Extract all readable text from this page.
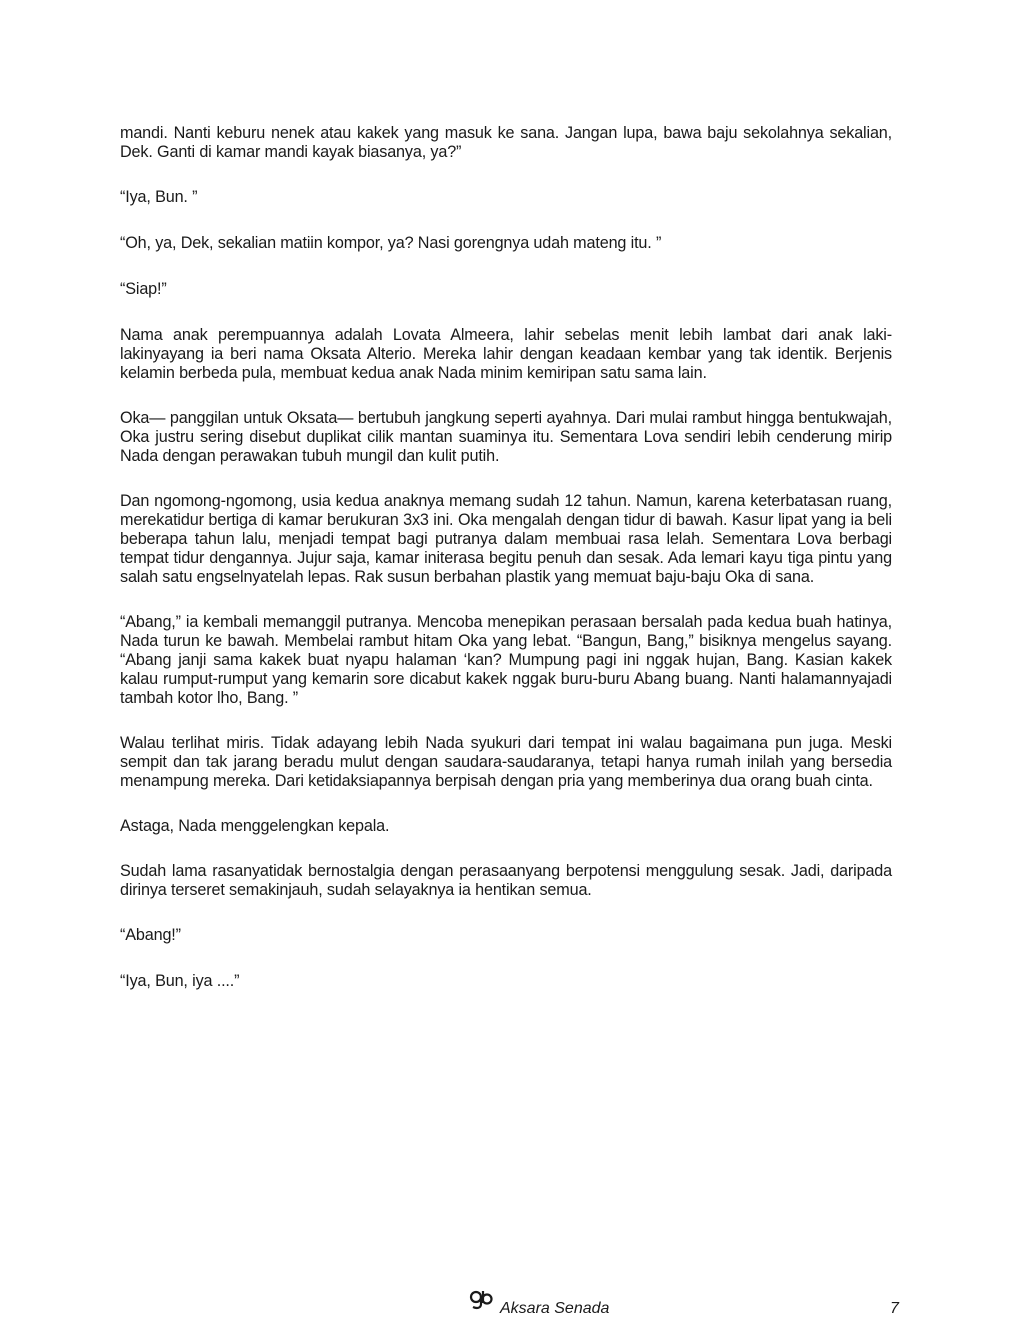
mandi. Nanti keburu nenek atau kakek yang masuk ke sana. Jangan lupa, bawa baju sekolahnya sekalian, Dek. Ganti di kamar mandi kayak biasanya, ya?”

“Iya, Bun. ”

“Oh, ya, Dek, sekalian matiin kompor, ya? Nasi gorengnya udah mateng itu. ”

“Siap!”

Nama anak perempuannya adalah Lovata Almeera, lahir sebelas menit lebih lambat dari anak laki-lakinyayang ia beri nama Oksata Alterio. Mereka lahir dengan keadaan kembar yang tak identik. Berjenis kelamin berbeda pula, membuat kedua anak Nada minim kemiripan satu sama lain.

Oka— panggilan untuk Oksata— bertubuh jangkung seperti ayahnya. Dari mulai rambut hingga bentukwajah, Oka justru sering disebut duplikat cilik mantan suaminya itu. Sementara Lova sendiri lebih cenderung mirip Nada dengan perawakan tubuh mungil dan kulit putih.

Dan ngomong-ngomong, usia kedua anaknya memang sudah 12 tahun. Namun, karena keterbatasan ruang, merekatidur bertiga di kamar berukuran 3x3 ini. Oka mengalah dengan tidur di bawah. Kasur lipat yang ia beli beberapa tahun lalu, menjadi tempat bagi putranya dalam membuai rasa lelah. Sementara Lova berbagi tempat tidur dengannya. Jujur saja, kamar initerasa begitu penuh dan sesak. Ada lemari kayu tiga pintu yang salah satu engselnyatelah lepas. Rak susun berbahan plastik yang memuat baju-baju Oka di sana.

“Abang,” ia kembali memanggil putranya. Mencoba menepikan perasaan bersalah pada kedua buah hatinya, Nada turun ke bawah. Membelai rambut hitam Oka yang lebat. “Bangun, Bang,” bisiknya mengelus sayang. “Abang janji sama kakek buat nyapu halaman ‘kan? Mumpung pagi ini nggak hujan, Bang. Kasian kakek kalau rumput-rumput yang kemarin sore dicabut kakek nggak buru-buru Abang buang. Nanti halamannyajadi tambah kotor lho, Bang. ”

Walau terlihat miris. Tidak adayang lebih Nada syukuri dari tempat ini walau bagaimana pun juga. Meski sempit dan tak jarang beradu mulut dengan saudara-saudaranya, tetapi hanya rumah inilah yang bersedia menampung mereka. Dari ketidaksiapannya berpisah dengan pria yang memberinya dua orang buah cinta.

Astaga, Nada menggelengkan kepala.

Sudah lama rasanyatidak bernostalgia dengan perasaanyang berpotensi menggulung sesak. Jadi, daripada dirinya terseret semakinjauh, sudah selayaknya ia hentikan semua.

“Abang!”

“Iya, Bun, iya ....”

Aksara Senada	7
